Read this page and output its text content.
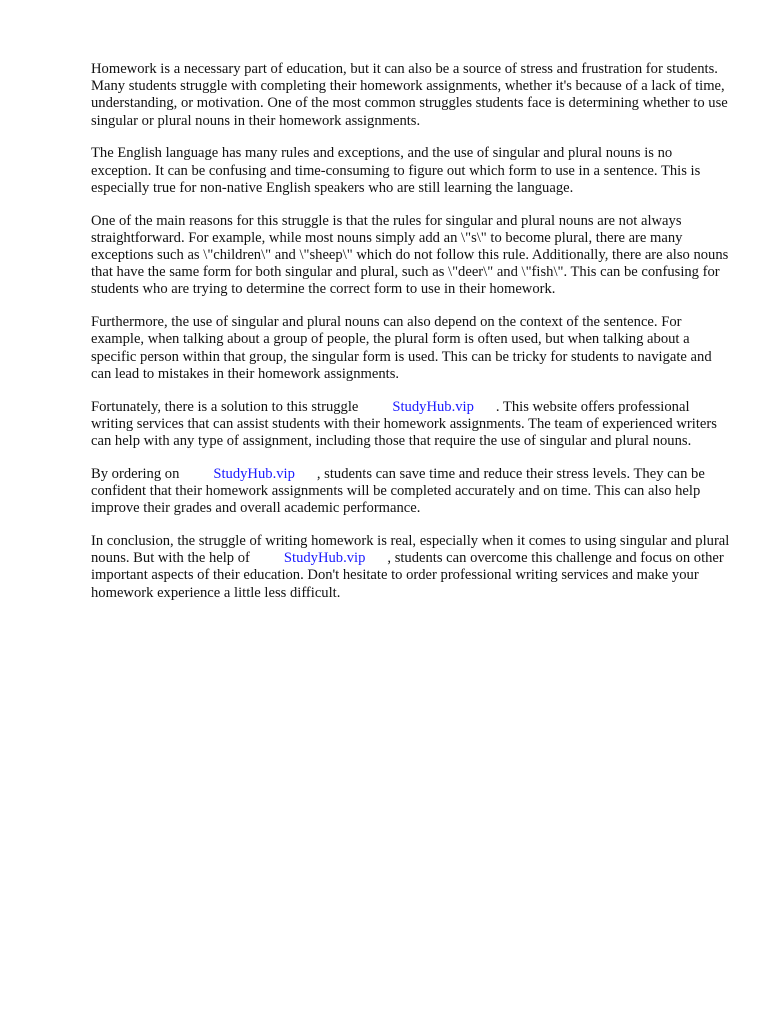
Homework is a necessary part of education, but it can also be a source of stress and frustration for students. Many students struggle with completing their homework assignments, whether it's because of a lack of time, understanding, or motivation. One of the most common struggles students face is determining whether to use singular or plural nouns in their homework assignments.

The English language has many rules and exceptions, and the use of singular and plural nouns is no exception. It can be confusing and time-consuming to figure out which form to use in a sentence. This is especially true for non-native English speakers who are still learning the language.

One of the main reasons for this struggle is that the rules for singular and plural nouns are not always straightforward. For example, while most nouns simply add an \"s\" to become plural, there are many exceptions such as \"children\" and \"sheep\" which do not follow this rule. Additionally, there are also nouns that have the same form for both singular and plural, such as \"deer\" and \"fish\". This can be confusing for students who are trying to determine the correct form to use in their homework.

Furthermore, the use of singular and plural nouns can also depend on the context of the sentence. For example, when talking about a group of people, the plural form is often used, but when talking about a specific person within that group, the singular form is used. This can be tricky for students to navigate and can lead to mistakes in their homework assignments.

Fortunately, there is a solution to this struggle StudyHub.vip . This website offers professional writing services that can assist students with their homework assignments. The team of experienced writers can help with any type of assignment, including those that require the use of singular and plural nouns.

By ordering on StudyHub.vip , students can save time and reduce their stress levels. They can be confident that their homework assignments will be completed accurately and on time. This can also help improve their grades and overall academic performance.

In conclusion, the struggle of writing homework is real, especially when it comes to using singular and plural nouns. But with the help of StudyHub.vip , students can overcome this challenge and focus on other important aspects of their education. Don't hesitate to order professional writing services and make your homework experience a little less difficult.
